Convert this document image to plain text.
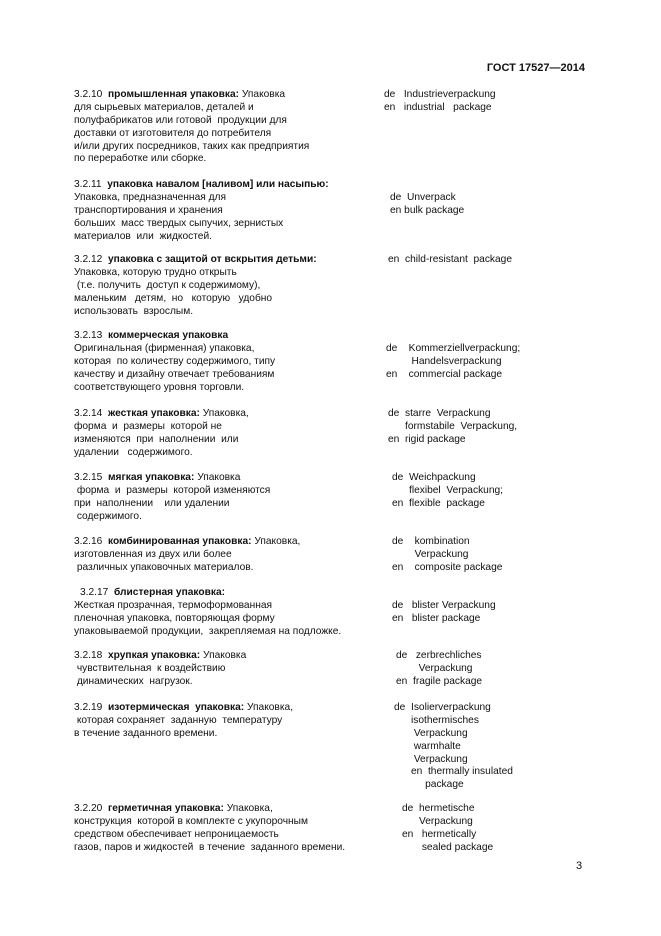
ГОСТ 17527—2014
3.2.10 промышленная упаковка: Упаковка
для сырьевых материалов, деталей и
полуфабрикатов или готовой  продукции для
доставки от изготовителя до потребителя
и/или других посредников, таких как предприятия
по переработке или сборке.
de   Industrieverpackung
en   industrial   package
3.2.11 упаковка навалом [наливом] или насыпью:
Упаковка, предназначенная для
транспортирования и хранения
больших  масс твердых сыпучих, зернистых
материалов  или  жидкостей.
de  Unverpack
en bulk package
3.2.12 упаковка с защитой от вскрытия детьми:
Упаковка, которую трудно открыть
(т.е. получить  доступ к содержимому),
маленьким   детям,  но   которую   удобно
использовать  взрослым.
en  child-resistant  package
3.2.13 коммерческая упаковка
Оригинальная (фирменная) упаковка,
которая  по количеству содержимого, типу
качеству и дизайну отвечает требованиям
соответствующего уровня торговли.
de    Kommerziellverpackung;
Handelsverpackung
en    commercial package
3.2.14 жесткая упаковка: Упаковка,
форма  и  размеры  которой не
изменяются  при  наполнении  или
удалении   содержимого.
de  starre  Verpackung
formstabile  Verpackung,
en  rigid package
3.2.15 мягкая упаковка: Упаковка
форма  и  размеры  которой изменяются
при  наполнении    или удалении
содержимого.
de  Weichpackung
flexibel  Verpackung;
en  flexible  package
3.2.16 комбинированная упаковка: Упаковка,
изготовленная из двух или более
различных упаковочных материалов.
de    kombination
Verpackung
en    composite package
3.2.17 блистерная упаковка:
Жесткая прозрачная, термоформованная
пленочная упаковка, повторяющая форму
упаковываемой продукции,  закрепляемая на подложке.
de   blister Verpackung
en   blister package
3.2.18 хрупкая упаковка: Упаковка
чувствительная  к воздействию
динамических  нагрузок.
de   zerbrechliches
Verpackung
en  fragile package
3.2.19 изотермическая  упаковка: Упаковка,
которая сохраняет  заданную  температуру
в течение заданного времени.
de  Isolierverpackung
isothermisches
Verpackung
warmhalte
Verpackung
en  thermally insulated
package
3.2.20 герметичная упаковка: Упаковка,
конструкция  которой в комплекте с укупорочным
средством обеспечивает непроницаемость
газов, паров и жидкостей  в течение  заданного времени.
de  hermetische
Verpackung
en   hermetically
sealed package
3
